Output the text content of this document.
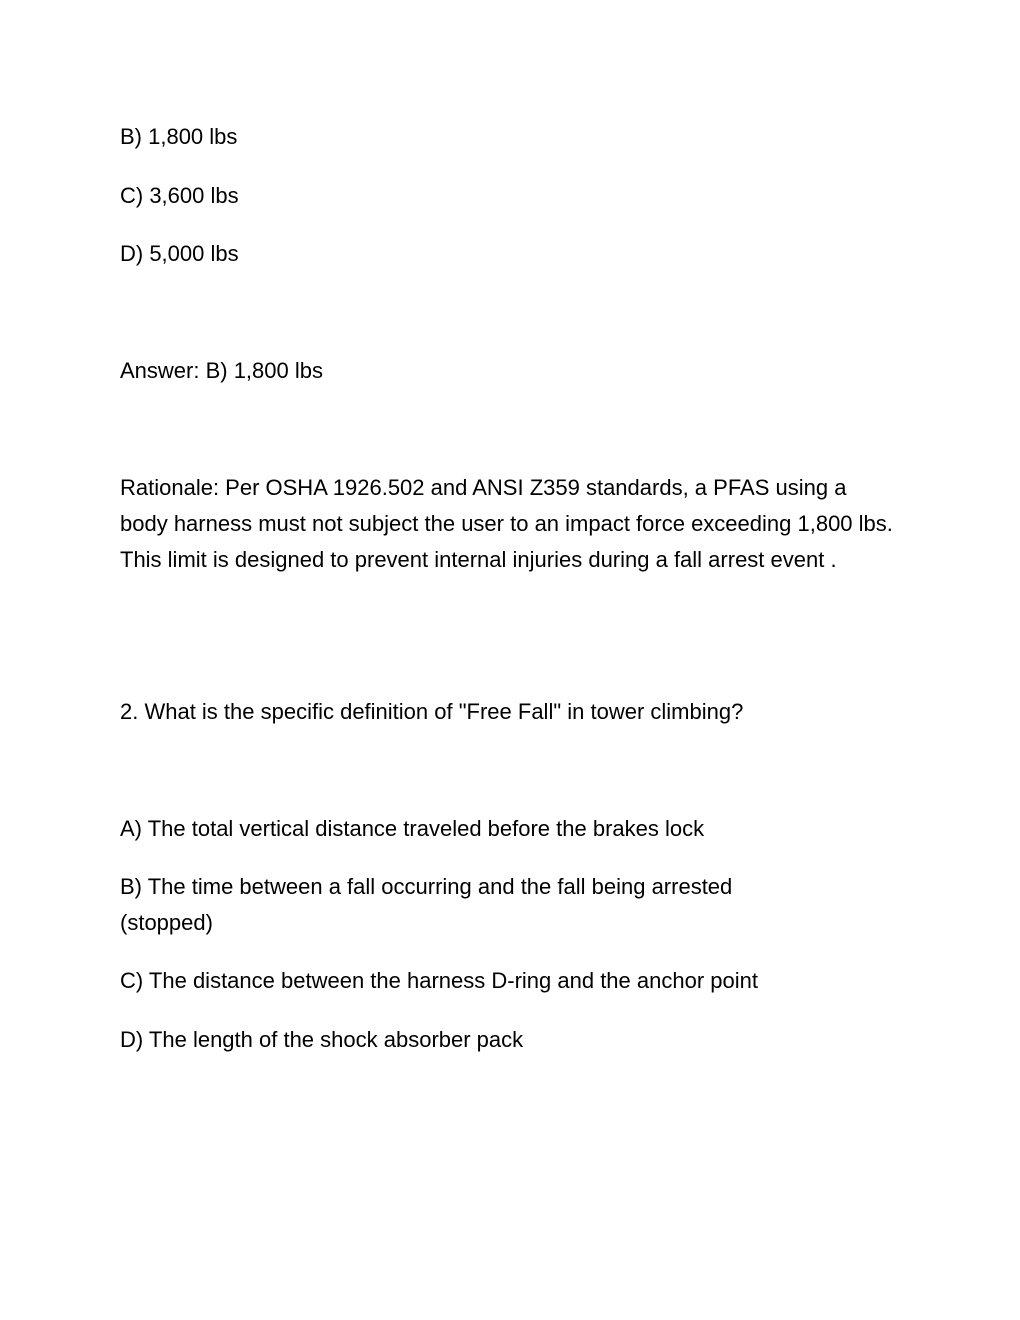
B) 1,800 lbs

C) 3,600 lbs

D) 5,000 lbs

Answer: B) 1,800 lbs

Rationale: Per OSHA 1926.502 and ANSI Z359 standards, a PFAS using a body harness must not subject the user to an impact force exceeding 1,800 lbs. This limit is designed to prevent internal injuries during a fall arrest event .

2. What is the specific definition of "Free Fall" in tower climbing?

A) The total vertical distance traveled before the brakes lock

B) The time between a fall occurring and the fall being arrested (stopped)

C) The distance between the harness D-ring and the anchor point

D) The length of the shock absorber pack
